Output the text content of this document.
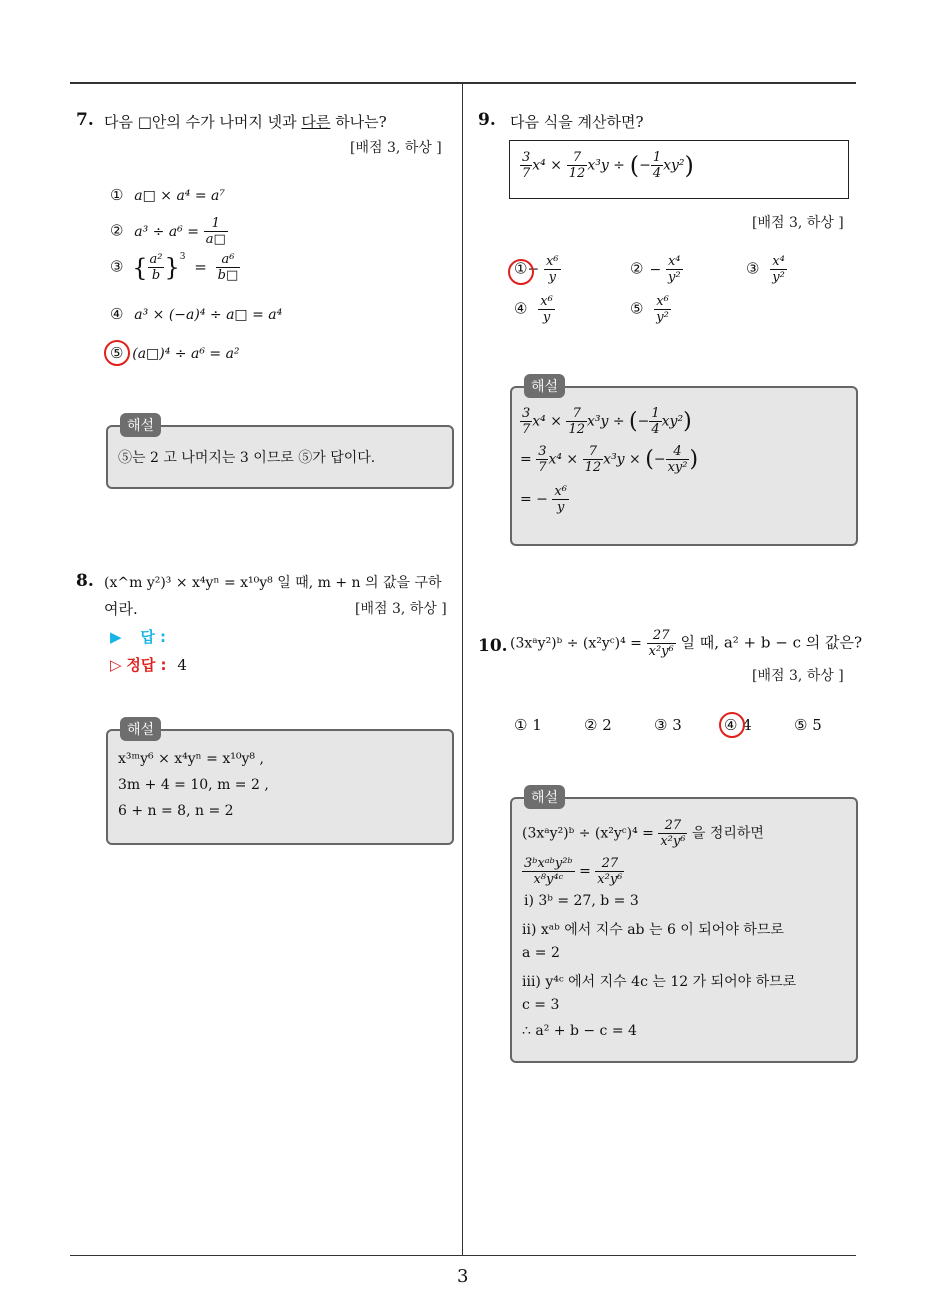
3
7. 다음 □안의 수가 나머지 넷과 다른 하나는?
[배점 3, 하상 ]
① a□ × a⁴ = a⁷
② $a^3 \div a^6 = \frac{1}{a□}$
③ { $\frac{\text{a²}}{b} \}^3 = \frac{\text{a⁶}}{b□}$
④ a³ × (−a)⁴ ÷ a□ = a⁴
⑤ (a□)⁴ ÷ a⁶ = a²
해설
⑤는 2 고 나머지는 3 이므로 ⑤가 답이다.
8. (x^m y²)³ × x⁴yⁿ = x¹⁰y⁸ 일 때, m + n 의 값을 구하
여라.	[배점 3, 하상 ]
▶ 답 :
▷ 정답 : 4
해설
x³ᵐy⁶ × x⁴yⁿ = x¹⁰y⁸ ,
3m + 4 = 10, m = 2 ,
6 + n = 8, n = 2
9. 다음 식을 계산하면?
$\frac{3}{7} x^4 \times \frac{7}{12} x^3y$ ÷ (− $\frac{1}{4} xy^2$)
[배점 3, 하상 ]
①− $\frac{\text{x⁶}}{y}$	② − $\frac{\text{x⁴}}{\text{y²}}$	③ $\frac{\text{x⁴}}{\text{y²}}$
④ $\frac{\text{x⁶}}{y}$	⑤ $\frac{\text{x⁶}}{\text{y²}}$
해설
$\frac{3}{7} x^4 \times \frac{7}{12} x^3y$ ÷ (− $\frac{1}{4} xy^2$)
= $\frac{3}{7} x^4 \times \frac{7}{12} x^3y$ × (− $\frac{4}{\text{xy²}}$ )
= − $\frac{\text{x⁶}}{y}$
10. (3xᵃy²)ᵇ ÷ (x²yᶜ)⁴ = $\frac{27}{\text{x²y⁶}}$ 일 때, a² + b − c 의 값은?
[배점 3, 하상 ]
① 1	② 2	③ 3	④ 4	⑤ 5
해설
(3xᵃy²)ᵇ ÷ (x²yᶜ)⁴ = $\frac{27}{\text{x²y⁶}}$ 을 정리하면
$\frac{\text{3ᵇxᵃᵇy²ᵇ}}{\text{x⁸y⁴ᶜ}} = \frac{27}{\text{x²y⁶}}$
ⅰ) 3ᵇ = 27, b = 3
ⅱ) xᵃᵇ 에서 지수 ab 는 6 이 되어야 하므로
a = 2
ⅲ) y⁴ᶜ 에서 지수 4c 는 12 가 되어야 하므로
c = 3
∴ a² + b − c = 4
